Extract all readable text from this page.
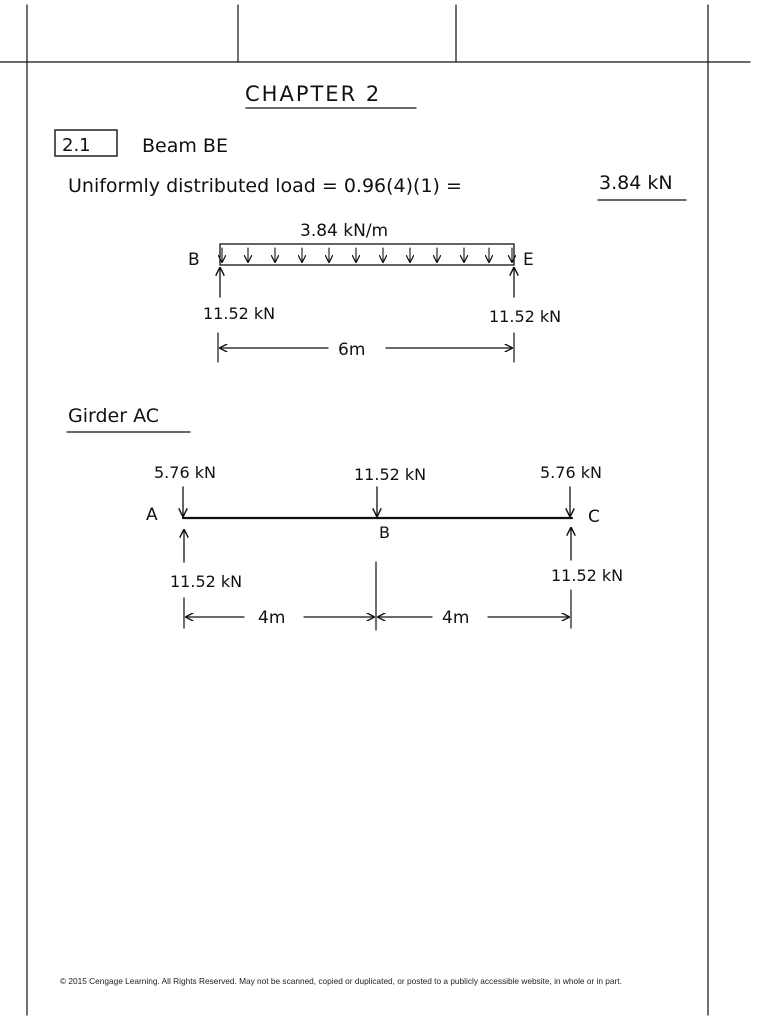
CHAPTER 2
2.1	Beam BE
Uniformly distributed load = 0.96(4)(1) =	3.84 kN
3.84 kN/m
B	E
11.52 kN	11.52 kN
6m
Girder AC
5.76 kN	11.52 kN	5.76 kN
A
B
C
11.52 kN	11.52 kN
4m	4m
© 2015 Cengage Learning. All Rights Reserved. May not be scanned, copied or duplicated, or posted to a publicly accessible website, in whole or in part.
